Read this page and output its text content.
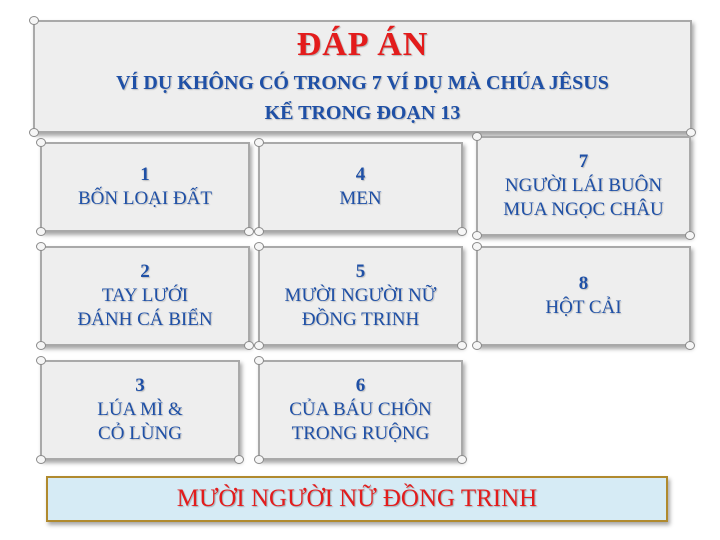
ĐÁP ÁN
VÍ DỤ KHÔNG CÓ TRONG 7 VÍ DỤ MÀ CHÚA JÊSUS
KỂ TRONG ĐOẠN 13
1
BỐN LOẠI ĐẤT
2
TAY LƯỚI
ĐÁNH CÁ BIỂN
3
LÚA MÌ &
CỎ LÙNG
4
MEN
5
MƯỜI NGƯỜI NỮ
ĐỒNG TRINH
6
CỦA BÁU CHÔN
TRONG RUỘNG
7
NGƯỜI LÁI BUÔN
MUA NGỌC CHÂU
8
HỘT CẢI
MƯỜI NGƯỜI NỮ ĐỒNG TRINH
